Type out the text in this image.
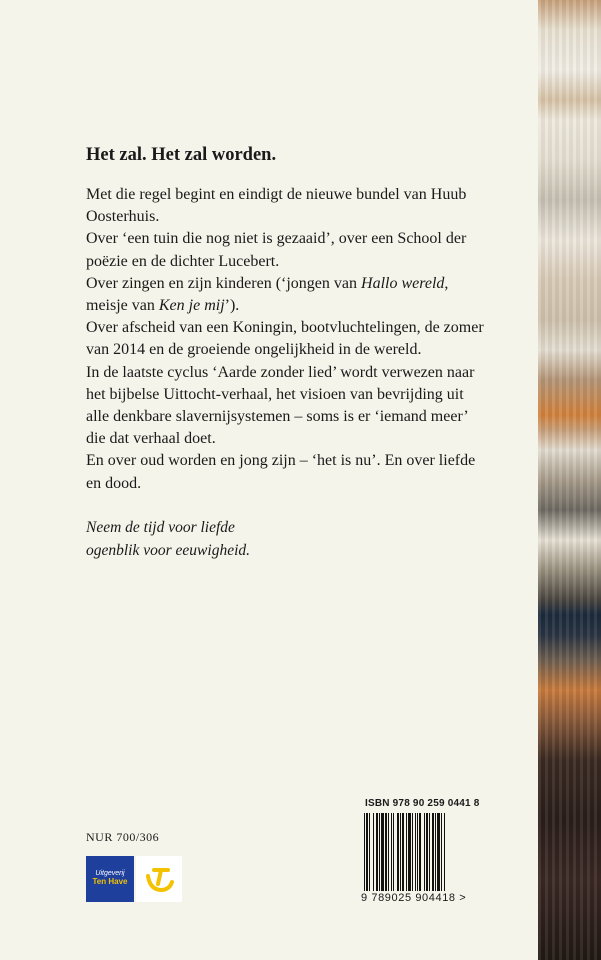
Het zal. Het zal worden.

Met die regel begint en eindigt de nieuwe bundel van Huub Oosterhuis.

Over ‘een tuin die nog niet is gezaaid’, over een School der poëzie en de dichter Lucebert.

Over zingen en zijn kinderen (‘jongen van Hallo wereld, meisje van Ken je mij’).

Over afscheid van een Koningin, bootvluchtelingen, de zomer van 2014 en de groeiende ongelijkheid in de wereld.

In de laatste cyclus ‘Aarde zonder lied’ wordt verwezen naar het bijbelse Uittocht-verhaal, het visioen van bevrijding uit alle denkbare slavernijsystemen – soms is er ‘iemand meer’ die dat verhaal doet.

En over oud worden en jong zijn – ‘het is nu’. En over liefde en dood.

Neem de tijd voor liefde

ogenblik voor eeuwigheid.

NUR 700/306
Uitgeverij
Ten Have
ISBN 978 90 259 0441 8
9 789025 904418 >
